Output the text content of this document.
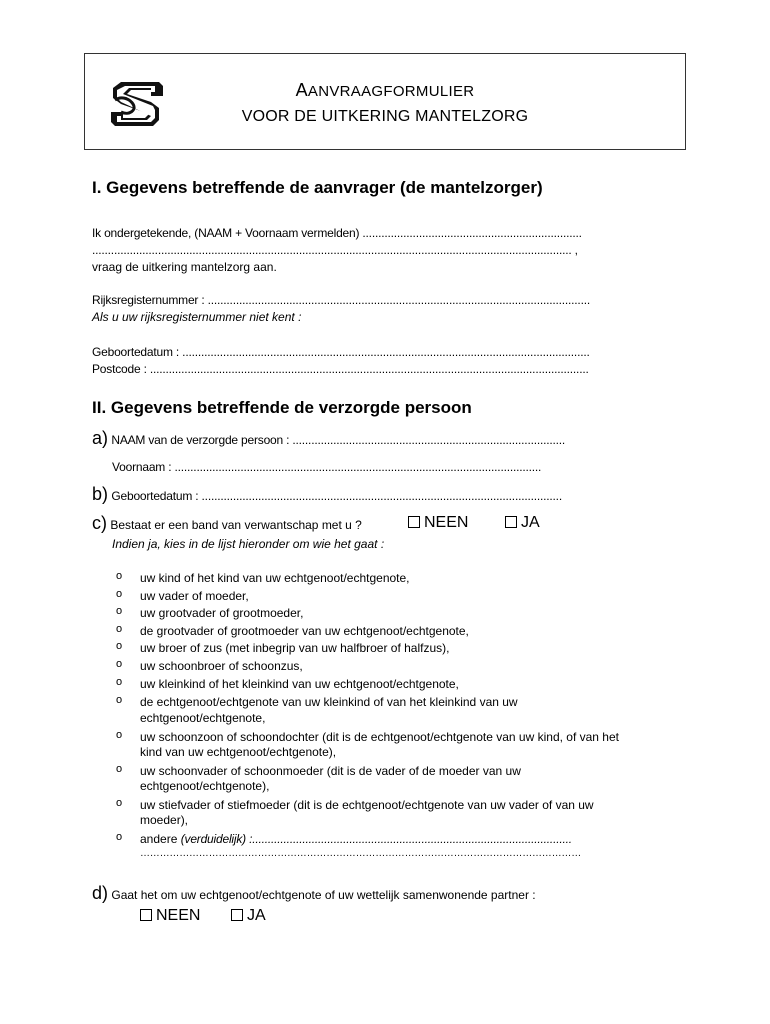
AANVRAAGFORMULIER
VOOR DE UITKERING MANTELZORG
I. Gegevens betreffende de aanvrager (de mantelzorger)
Ik ondergetekende, (NAAM + Voornaam vermelden) ......................................................................
......................................................................................................................................................... ,
vraag de uitkering mantelzorg aan.
Rijksregisternummer : ..........................................................................................................................
Als u uw rijksregisternummer niet kent :
Geboortedatum : ..................................................................................................................................
Postcode : ............................................................................................................................................
II. Gegevens betreffende de verzorgde persoon
a) NAAM van de verzorgde persoon : .......................................................................................
Voornaam : .....................................................................................................................
b) Geboortedatum : ...................................................................................................................
c) Bestaat er een band van verwantschap met u ?	NEEN	JA
Indien ja, kies in de lijst hieronder om wie het gaat :
o uw kind of het kind van uw echtgenoot/echtgenote,
o uw vader of moeder,
o uw grootvader of grootmoeder,
o de grootvader of grootmoeder van uw echtgenoot/echtgenote,
o uw broer of zus (met inbegrip van uw halfbroer of halfzus),
o uw schoonbroer of schoonzus,
o uw kleinkind of het kleinkind van uw echtgenoot/echtgenote,
o de echtgenoot/echtgenote van uw kleinkind of van het kleinkind van uw
echtgenoot/echtgenote,
o uw schoonzoon of schoondochter (dit is de echtgenoot/echtgenote van uw kind, of van het
kind van uw echtgenoot/echtgenote),
o uw schoonvader of schoonmoeder (dit is de vader of de moeder van uw
echtgenoot/echtgenote),
o uw stiefvader of stiefmoeder (dit is de echtgenoot/echtgenote van uw vader of van uw
moeder),
o andere (verduidelijk) :......................................................................................................
………………………………………………………………………………………………………………………
d) Gaat het om uw echtgenoot/echtgenote of uw wettelijk samenwonende partner :
NEEN	JA
